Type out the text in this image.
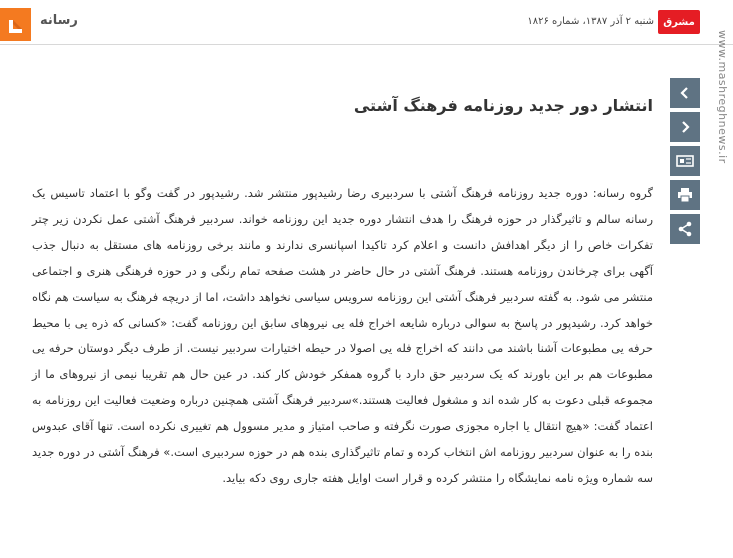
رسانه	شنبه ۲ آذر ۱۳۸۷، شماره ۱۸۲۶ مشرق
www.mashreghnews.ir
انتشار دور جدید روزنامه فرهنگ آشتی
گروه رسانه: دوره جدید روزنامه فرهنگ آشتی با سردبیری رضا رشیدپور منتشر شد. رشیدپور در گفت وگو با اعتماد تاسیس یک رسانه سالم و تاثیرگذار در حوزه فرهنگ را هدف انتشار دوره جدید این روزنامه خواند. سردبیر فرهنگ آشتی عمل نکردن زیر چتر تفکرات خاص را از دیگر اهدافش دانست و اعلام کرد تاکیدا اسپانسری ندارند و مانند برخی روزنامه های مستقل به دنبال جذب آگهی برای چرخاندن روزنامه هستند. فرهنگ آشتی در حال حاضر در هشت صفحه تمام رنگی و در حوزه فرهنگی هنری و اجتماعی منتشر می شود. به گفته سردبیر فرهنگ آشتی این روزنامه سرویس سیاسی نخواهد داشت، اما از دریچه فرهنگ به سیاست هم نگاه خواهد کرد. رشیدپور در پاسخ به سوالی درباره شایعه اخراج فله یی نیروهای سابق این روزنامه گفت: «کسانی که ذره یی با محیط حرفه یی مطبوعات آشنا باشند می دانند که اخراج فله یی اصولا در حیطه اختیارات سردبیر نیست. از طرف دیگر دوستان حرفه یی مطبوعات هم بر این باورند که یک سردبیر حق دارد با گروه همفکر خودش کار کند. در عین حال هم تقریبا نیمی از نیروهای ما از مجموعه قبلی دعوت به کار شده اند و مشغول فعالیت هستند.»سردبیر فرهنگ آشتی همچنین درباره وضعیت فعالیت این روزنامه به اعتماد گفت: «هیچ انتقال یا اجاره مجوزی صورت نگرفته و صاحب امتیاز و مدیر مسوول هم تغییری نکرده است. تنها آقای عبدوس بنده را به عنوان سردبیر روزنامه اش انتخاب کرده و تمام تاثیرگذاری بنده هم در حوزه سردبیری است.» فرهنگ آشتی در دوره جدید سه شماره ویژه نامه نمایشگاه را منتشر کرده و قرار است اوایل هفته جاری روی دکه بیاید.
